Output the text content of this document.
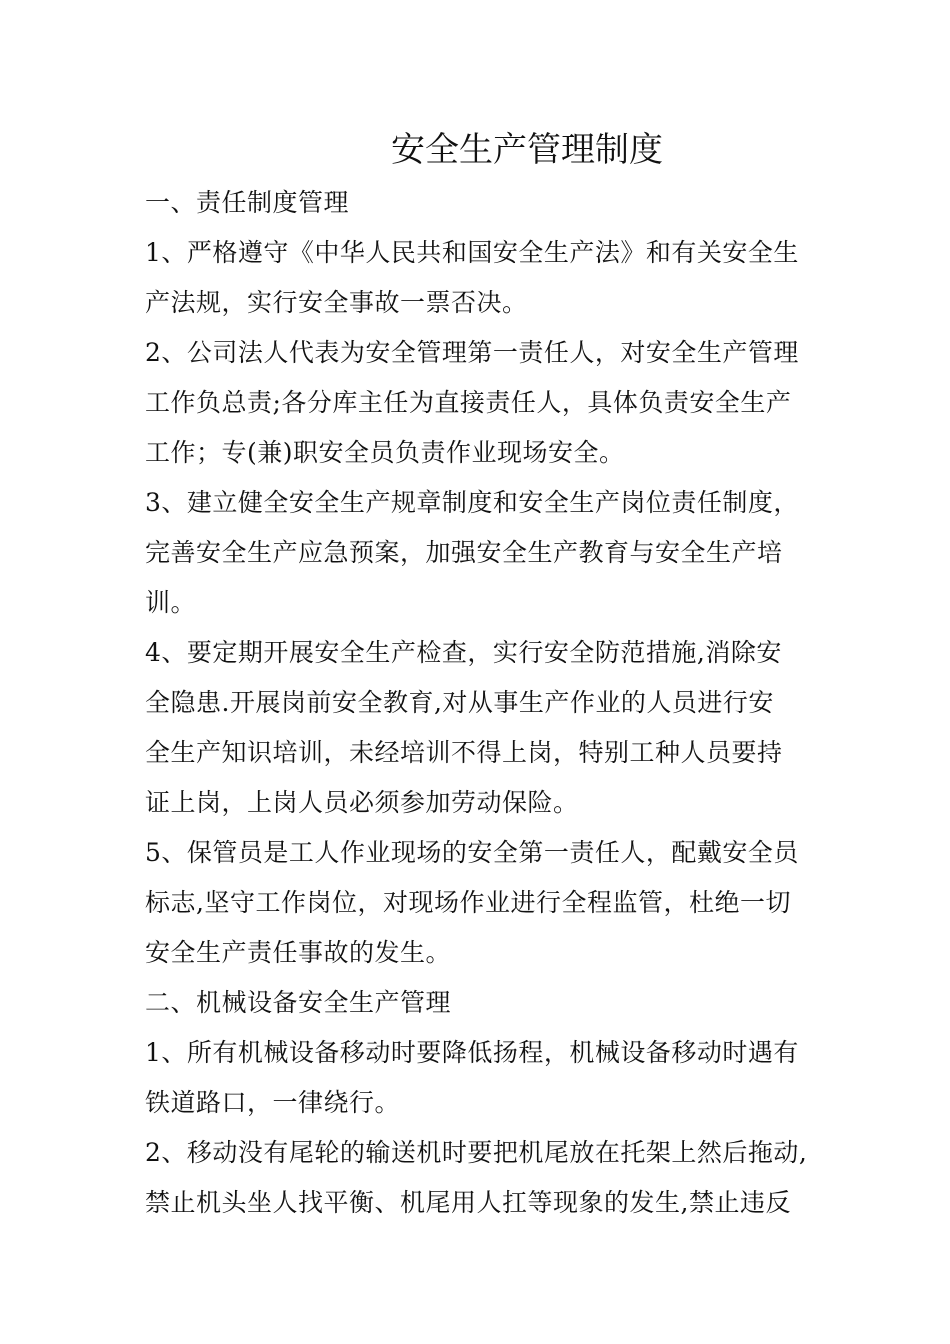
安全生产管理制度

一、责任制度管理

1、严格遵守《中华人民共和国安全生产法》和有关安全生
产法规，实行安全事故一票否决。

2、公司法人代表为安全管理第一责任人，对安全生产管理
工作负总责;各分库主任为直接责任人，具体负责安全生产
工作；专(兼)职安全员负责作业现场安全。

3、建立健全安全生产规章制度和安全生产岗位责任制度，
完善安全生产应急预案，加强安全生产教育与安全生产培
训。

4、要定期开展安全生产检查，实行安全防范措施,消除安
全隐患.开展岗前安全教育,对从事生产作业的人员进行安
全生产知识培训，未经培训不得上岗，特别工种人员要持
证上岗，上岗人员必须参加劳动保险。

5、保管员是工人作业现场的安全第一责任人，配戴安全员
标志,坚守工作岗位，对现场作业进行全程监管，杜绝一切
安全生产责任事故的发生。

二、机械设备安全生产管理

1、所有机械设备移动时要降低扬程，机械设备移动时遇有
铁道路口，一律绕行。

2、移动没有尾轮的输送机时要把机尾放在托架上然后拖动,
禁止机头坐人找平衡、机尾用人扛等现象的发生,禁止违反
